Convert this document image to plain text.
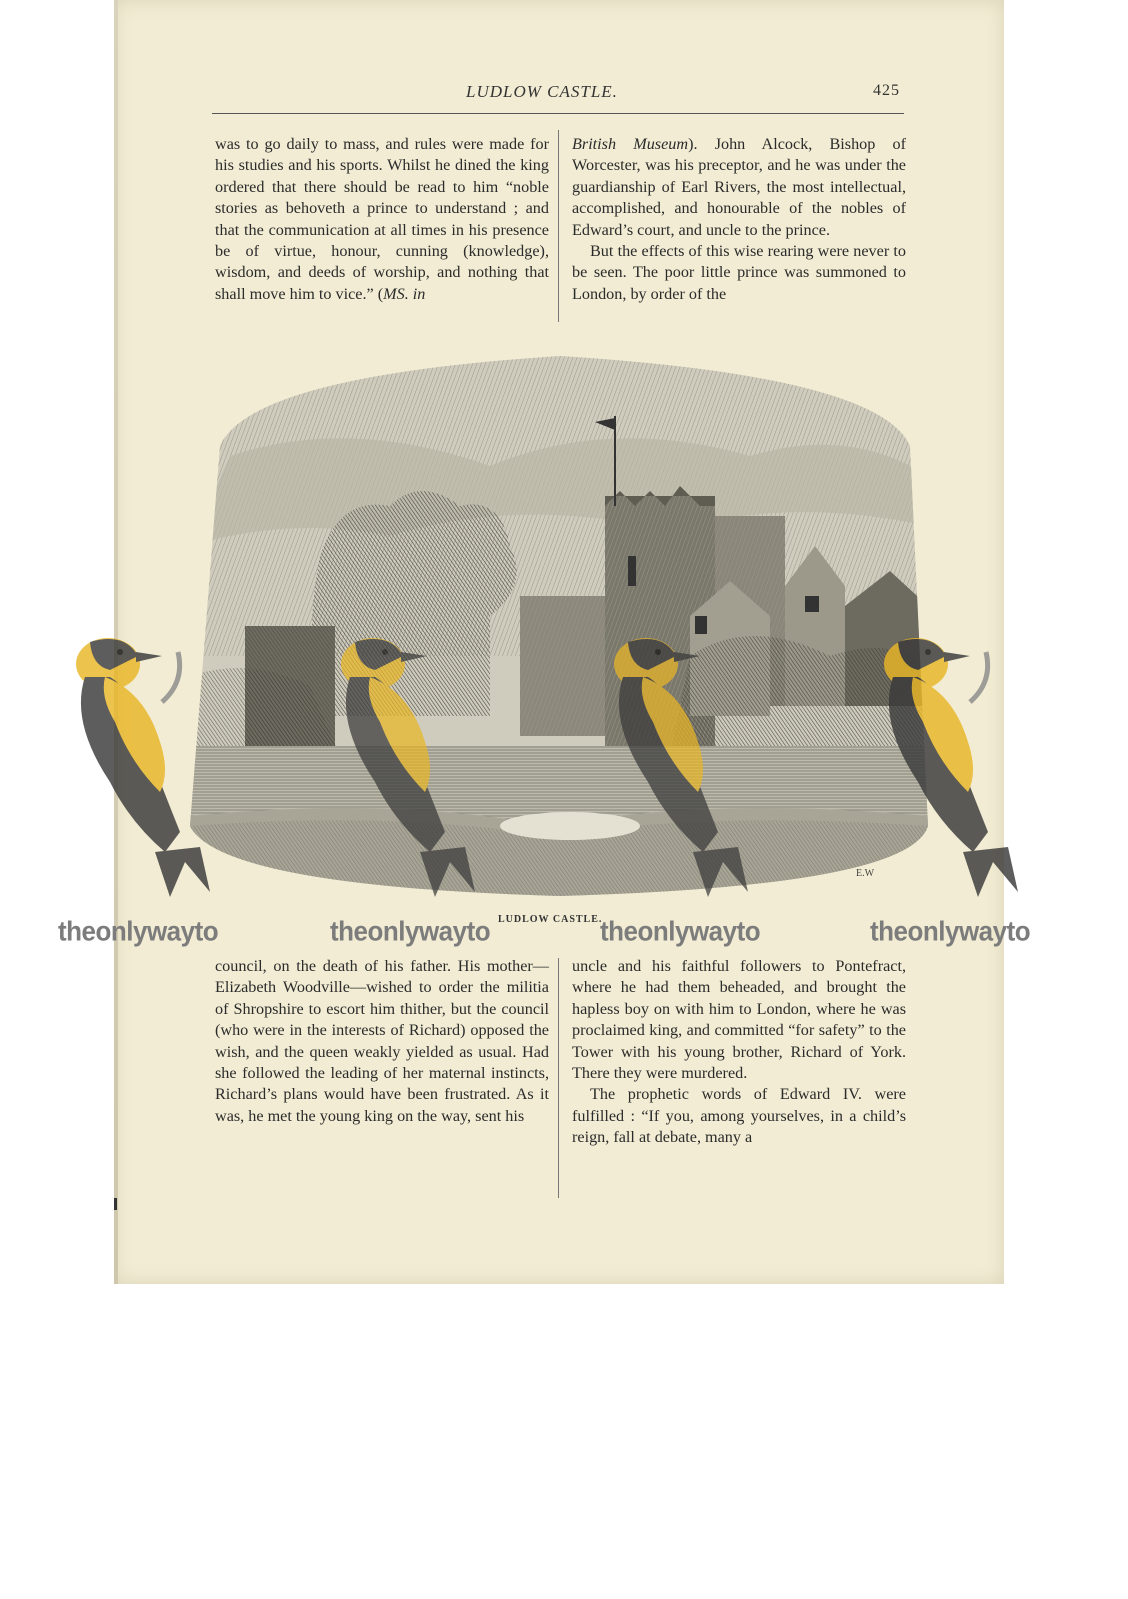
LUDLOW CASTLE.	425

was to go daily to mass, and rules were made for his studies and his sports. Whilst he dined the king ordered that there should be read to him “noble stories as behoveth a prince to understand ; and that the communication at all times in his presence be of virtue, honour, cunning (knowledge), wisdom, and deeds of worship, and nothing that shall move him to vice.” (MS. in

British Museum). John Alcock, Bishop of Worcester, was his preceptor, and he was under the guardianship of Earl Rivers, the most intellectual, accomplished, and honourable of the nobles of Edward’s court, and uncle to the prince.

But the effects of this wise rearing were never to be seen. The poor little prince was summoned to London, by order of the

E.W
LUDLOW CASTLE.
theonlywayto	theonlywayto	theonlywayto	theonlywayto

council, on the death of his father. His mother—Elizabeth Woodville—wished to order the militia of Shropshire to escort him thither, but the council (who were in the interests of Richard) opposed the wish, and the queen weakly yielded as usual. Had she followed the leading of her maternal instincts, Richard’s plans would have been frustrated. As it was, he met the young king on the way, sent his

uncle and his faithful followers to Pontefract, where he had them beheaded, and brought the hapless boy on with him to London, where he was proclaimed king, and committed “for safety” to the Tower with his young brother, Richard of York. There they were murdered.

The prophetic words of Edward IV. were fulfilled : “If you, among yourselves, in a child’s reign, fall at debate, many a
